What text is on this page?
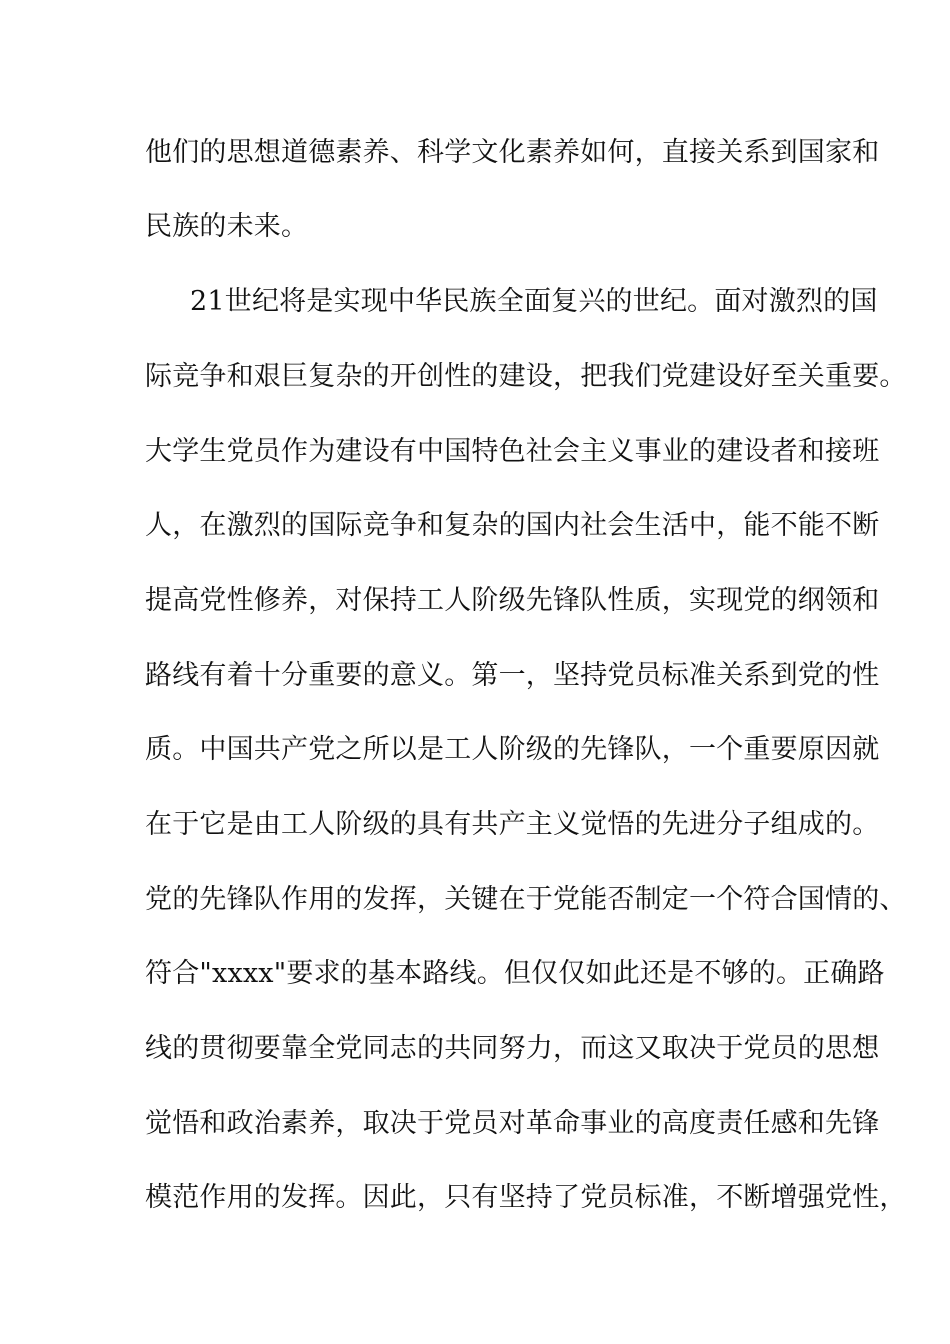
他们的思想道德素养、科学文化素养如何，直接关系到国家和
民族的未来。
21世纪将是实现中华民族全面复兴的世纪。面对激烈的国
际竞争和艰巨复杂的开创性的建设，把我们党建设好至关重要。
大学生党员作为建设有中国特色社会主义事业的建设者和接班
人，在激烈的国际竞争和复杂的国内社会生活中，能不能不断
提高党性修养，对保持工人阶级先锋队性质，实现党的纲领和
路线有着十分重要的意义。第一，坚持党员标准关系到党的性
质。中国共产党之所以是工人阶级的先锋队，一个重要原因就
在于它是由工人阶级的具有共产主义觉悟的先进分子组成的。
党的先锋队作用的发挥，关键在于党能否制定一个符合国情的、
符合"xxxx"要求的基本路线。但仅仅如此还是不够的。正确路
线的贯彻要靠全党同志的共同努力，而这又取决于党员的思想
觉悟和政治素养，取决于党员对革命事业的高度责任感和先锋
模范作用的发挥。因此，只有坚持了党员标准，不断增强党性，
